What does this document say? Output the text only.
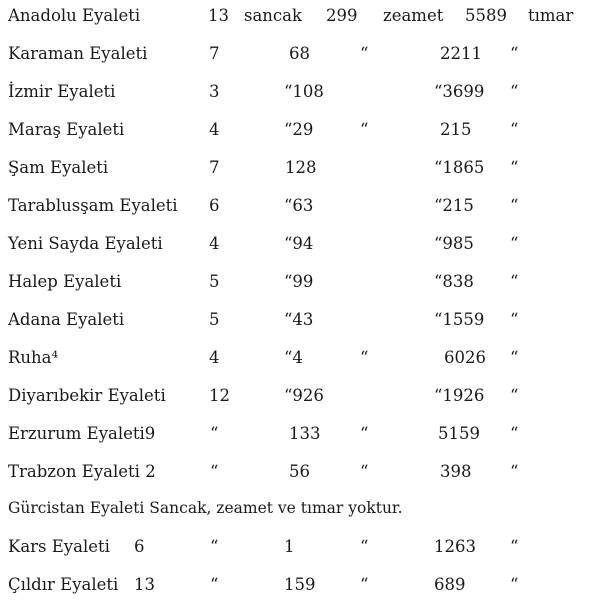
Anadolu Eyaleti	13 sancak 299 zeamet 5589 tımar
Karaman Eyaleti	7	68	“	2211 “
İzmir Eyaleti	3	“108	“3699 “
Maraş Eyaleti	4	“29	“	215 “
Şam Eyaleti	7	128	“1865 “
Tarablusşam Eyaleti 6	“63	“215 “
Yeni Sayda Eyaleti	4	“94	“985 “
Halep Eyaleti	5	“99	“838 “
Adana Eyaleti	5	“43	“1559 “
Ruha⁴	4	“4	“	6026 “
Diyarıbekir Eyaleti	12	“926	“1926 “
Erzurum Eyaleti9	“	133 “	5159 “
Trabzon Eyaleti 2	“	56	“	398 “
Gürcistan Eyaleti Sancak, zeamet ve tımar yoktur.
Kars Eyaleti 6	“	1	“	1263 “
Çıldır Eyaleti 13	“	159	“	689	“
